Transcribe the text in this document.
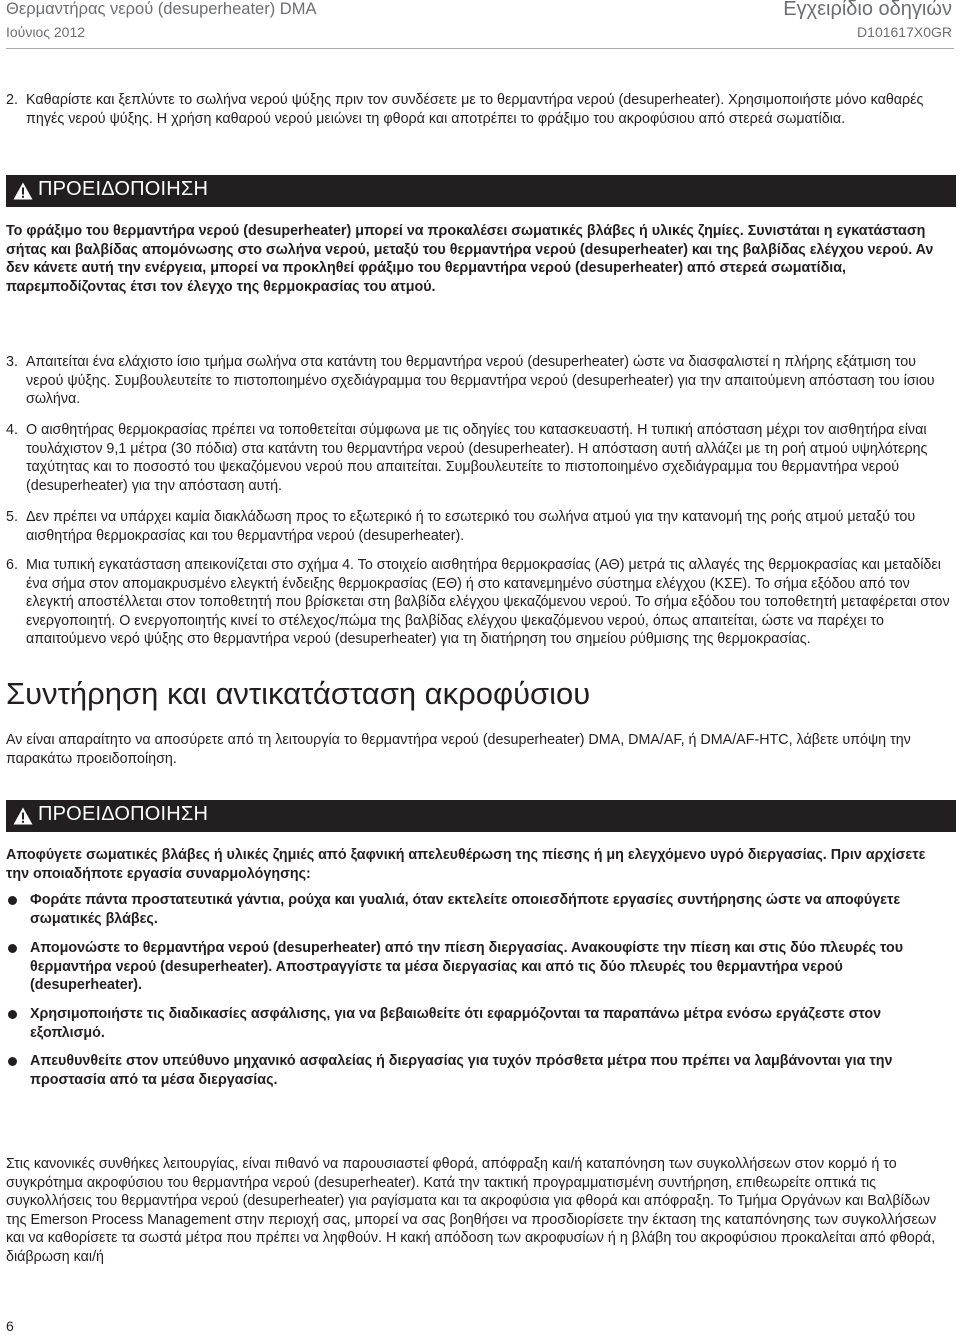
Θερμαντήρας νερού (desuperheater) DMA
Ιούνιος 2012
Εγχειρίδιο οδηγιών
D101617X0GR
2. Καθαρίστε και ξεπλύντε το σωλήνα νερού ψύξης πριν τον συνδέσετε με το θερμαντήρα νερού (desuperheater). Χρησιμοποιήστε μόνο καθαρές πηγές νερού ψύξης. Η χρήση καθαρού νερού μειώνει τη φθορά και αποτρέπει το φράξιμο του ακροφύσιου από στερεά σωματίδια.
ΠΡΟΕΙΔΟΠΟΙΗΣΗ
Το φράξιμο του θερμαντήρα νερού (desuperheater) μπορεί να προκαλέσει σωματικές βλάβες ή υλικές ζημίες. Συνιστάται η εγκατάσταση σήτας και βαλβίδας απομόνωσης στο σωλήνα νερού, μεταξύ του θερμαντήρα νερού (desuperheater) και της βαλβίδας ελέγχου νερού. Αν δεν κάνετε αυτή την ενέργεια, μπορεί να προκληθεί φράξιμο του θερμαντήρα νερού (desuperheater) από στερεά σωματίδια, παρεμποδίζοντας έτσι τον έλεγχο της θερμοκρασίας του ατμού.
3. Απαιτείται ένα ελάχιστο ίσιο τμήμα σωλήνα στα κατάντη του θερμαντήρα νερού (desuperheater) ώστε να διασφαλιστεί η πλήρης εξάτμιση του νερού ψύξης. Συμβουλευτείτε το πιστοποιημένο σχεδιάγραμμα του θερμαντήρα νερού (desuperheater) για την απαιτούμενη απόσταση του ίσιου σωλήνα.
4. Ο αισθητήρας θερμοκρασίας πρέπει να τοποθετείται σύμφωνα με τις οδηγίες του κατασκευαστή. Η τυπική απόσταση μέχρι τον αισθητήρα είναι τουλάχιστον 9,1 μέτρα (30 πόδια) στα κατάντη του θερμαντήρα νερού (desuperheater). Η απόσταση αυτή αλλάζει με τη ροή ατμού υψηλότερης ταχύτητας και το ποσοστό του ψεκαζόμενου νερού που απαιτείται. Συμβουλευτείτε το πιστοποιημένο σχεδιάγραμμα του θερμαντήρα νερού (desuperheater) για την απόσταση αυτή.
5. Δεν πρέπει να υπάρχει καμία διακλάδωση προς το εξωτερικό ή το εσωτερικό του σωλήνα ατμού για την κατανομή της ροής ατμού μεταξύ του αισθητήρα θερμοκρασίας και του θερμαντήρα νερού (desuperheater).
6. Μια τυπική εγκατάσταση απεικονίζεται στο σχήμα 4. Το στοιχείο αισθητήρα θερμοκρασίας (ΑΘ) μετρά τις αλλαγές της θερμοκρασίας και μεταδίδει ένα σήμα στον απομακρυσμένο ελεγκτή ένδειξης θερμοκρασίας (ΕΘ) ή στο κατανεμημένο σύστημα ελέγχου (ΚΣΕ). Το σήμα εξόδου από τον ελεγκτή αποστέλλεται στον τοποθετητή που βρίσκεται στη βαλβίδα ελέγχου ψεκαζόμενου νερού. Το σήμα εξόδου του τοποθετητή μεταφέρεται στον ενεργοποιητή. Ο ενεργοποιητής κινεί το στέλεχος/πώμα της βαλβίδας ελέγχου ψεκαζόμενου νερού, όπως απαιτείται, ώστε να παρέχει το απαιτούμενο νερό ψύξης στο θερμαντήρα νερού (desuperheater) για τη διατήρηση του σημείου ρύθμισης της θερμοκρασίας.
Συντήρηση και αντικατάσταση ακροφύσιου
Αν είναι απαραίτητο να αποσύρετε από τη λειτουργία το θερμαντήρα νερού (desuperheater) DMA, DMA/AF, ή DMA/AF-HTC, λάβετε υπόψη την παρακάτω προειδοποίηση.
ΠΡΟΕΙΔΟΠΟΙΗΣΗ
Αποφύγετε σωματικές βλάβες ή υλικές ζημιές από ξαφνική απελευθέρωση της πίεσης ή μη ελεγχόμενο υγρό διεργασίας. Πριν αρχίσετε την οποιαδήποτε εργασία συναρμολόγησης:
Φοράτε πάντα προστατευτικά γάντια, ρούχα και γυαλιά, όταν εκτελείτε οποιεσδήποτε εργασίες συντήρησης ώστε να αποφύγετε σωματικές βλάβες.
Απομονώστε το θερμαντήρα νερού (desuperheater) από την πίεση διεργασίας. Ανακουφίστε την πίεση και στις δύο πλευρές του θερμαντήρα νερού (desuperheater). Αποστραγγίστε τα μέσα διεργασίας και από τις δύο πλευρές του θερμαντήρα νερού (desuperheater).
Χρησιμοποιήστε τις διαδικασίες ασφάλισης, για να βεβαιωθείτε ότι εφαρμόζονται τα παραπάνω μέτρα ενόσω εργάζεστε στον εξοπλισμό.
Απευθυνθείτε στον υπεύθυνο μηχανικό ασφαλείας ή διεργασίας για τυχόν πρόσθετα μέτρα που πρέπει να λαμβάνονται για την προστασία από τα μέσα διεργασίας.
Στις κανονικές συνθήκες λειτουργίας, είναι πιθανό να παρουσιαστεί φθορά, απόφραξη και/ή καταπόνηση των συγκολλήσεων στον κορμό ή το συγκρότημα ακροφύσιου του θερμαντήρα νερού (desuperheater). Κατά την τακτική προγραμματισμένη συντήρηση, επιθεωρείτε οπτικά τις συγκολλήσεις του θερμαντήρα νερού (desuperheater) για ραγίσματα και τα ακροφύσια για φθορά και απόφραξη. Το Τμήμα Οργάνων και Βαλβίδων της Emerson Process Management στην περιοχή σας, μπορεί να σας βοηθήσει να προσδιορίσετε την έκταση της καταπόνησης των συγκολλήσεων και να καθορίσετε τα σωστά μέτρα που πρέπει να ληφθούν. Η κακή απόδοση των ακροφυσίων ή η βλάβη του ακροφύσιου προκαλείται από φθορά, διάβρωση και/ή
6
